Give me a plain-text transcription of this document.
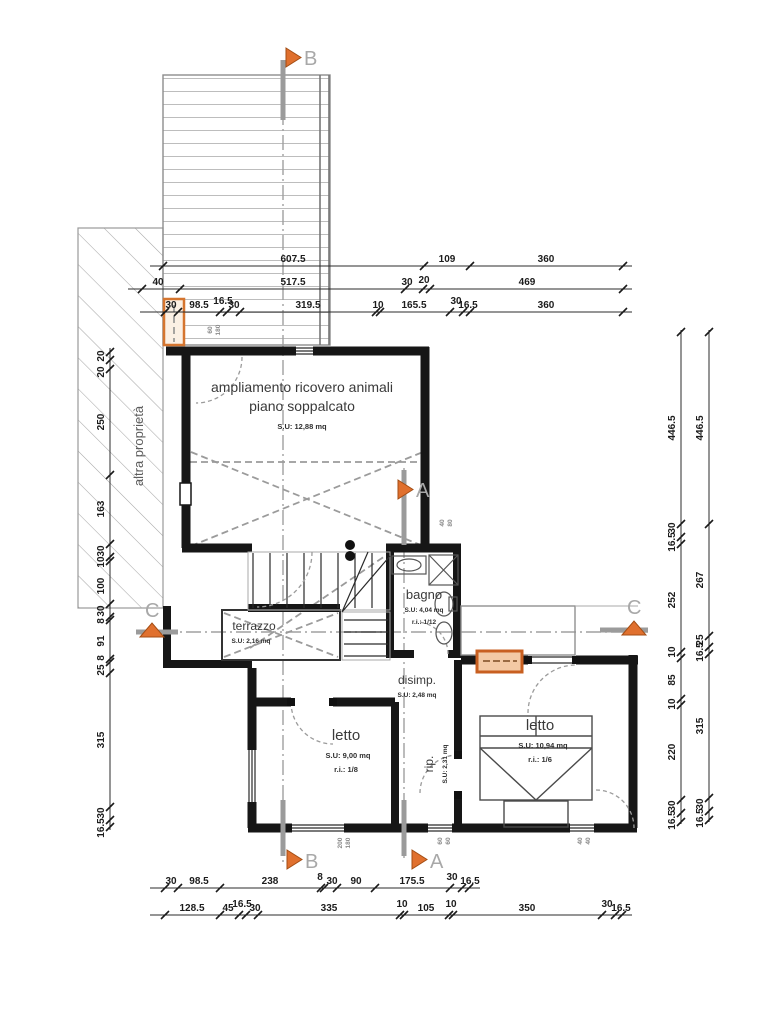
607.5	109	360
40	517.5	30 20	469
30 98.5 16.5
30	319.5	10 165.5 30
16.5	360
30 98.5	238	8 30 90	175.5 30 16.5
128.5 45
16.5
30	335	10 105 10	350	30
16.5
20
20
250
163
30
10
100
30
8
91
8
25
315
30
16.5
446.5
30
16.5
252
10
85
10
220
30
16.5
446.5
267
25
16.5
315
30
16.5
60 180
40 80
200 180	60 60	40 40
B
A
B	A
C	C
ampliamento ricovero animali
piano soppalcato
S.U: 12,88 mq
bagno
S.U: 4,04 mq
r.i.: 1/12
terrazzo
S.U: 2,16 mq
disimp.
S.U: 2,48 mq
letto
S.U: 9,00 mq
r.i.: 1/8	rip. S.U: 2,31 mq
letto
S.U: 10,94 mq
r.i.: 1/6
altra proprietà
